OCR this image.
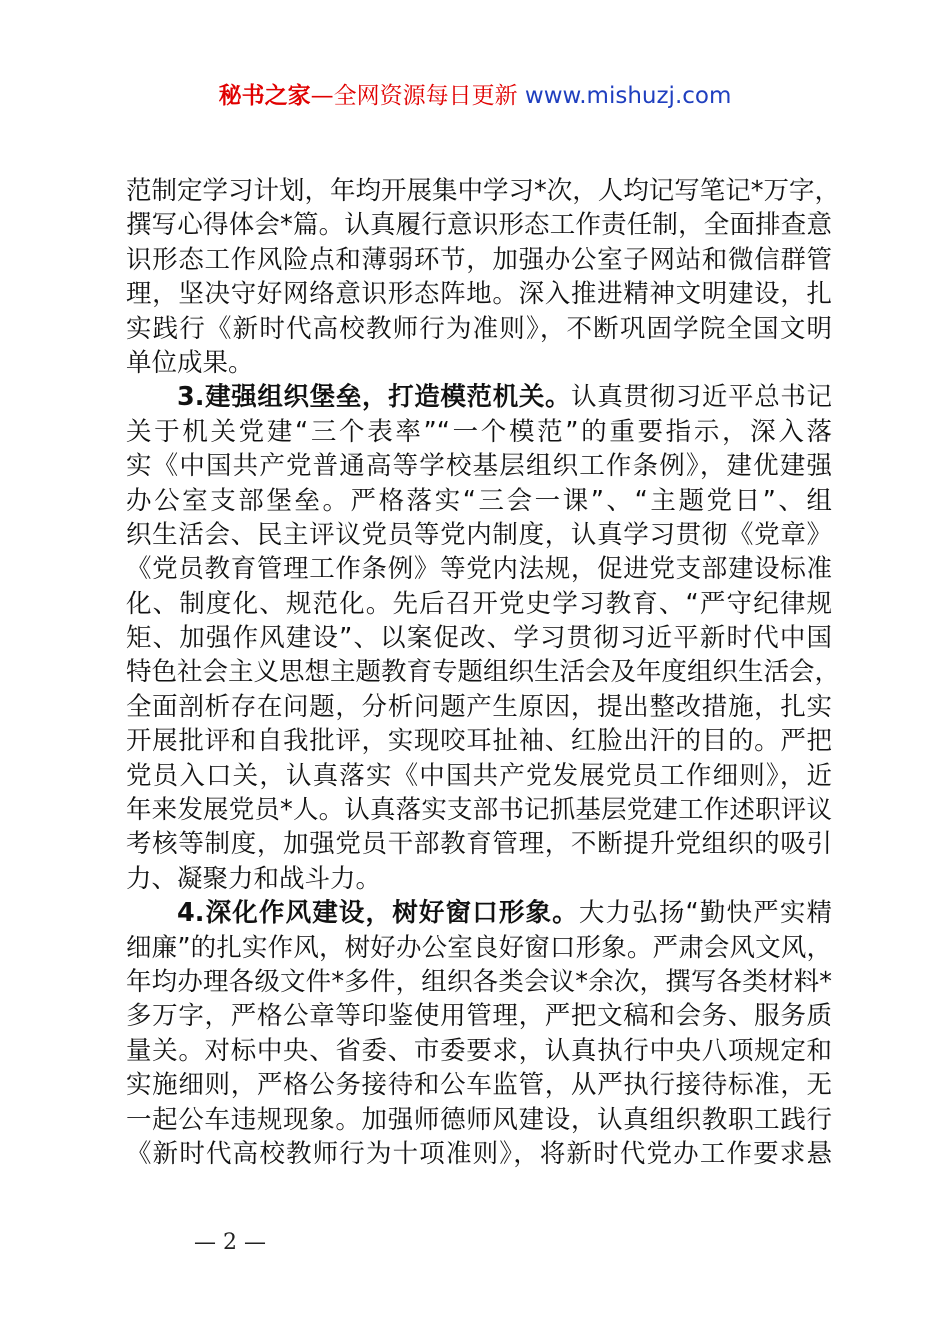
秘书之家—全网资源每日更新 www.mishuzj.com
范制定学习计划，年均开展集中学习*次，人均记写笔记*万字，
撰写心得体会*篇。认真履行意识形态工作责任制，全面排查意
识形态工作风险点和薄弱环节，加强办公室子网站和微信群管
理，坚决守好网络意识形态阵地。深入推进精神文明建设，扎
实践行《新时代高校教师行为准则》，不断巩固学院全国文明
单位成果。
3.建强组织堡垒，打造模范机关。认真贯彻习近平总书记
关于机关党建“三个表率”“一个模范”的重要指示，深入落
实《中国共产党普通高等学校基层组织工作条例》，建优建强
办公室支部堡垒。严格落实“三会一课”、“主题党日”、组
织生活会、民主评议党员等党内制度，认真学习贯彻《党章》
《党员教育管理工作条例》等党内法规，促进党支部建设标准
化、制度化、规范化。先后召开党史学习教育、“严守纪律规
矩、加强作风建设”、以案促改、学习贯彻习近平新时代中国
特色社会主义思想主题教育专题组织生活会及年度组织生活会，
全面剖析存在问题，分析问题产生原因，提出整改措施，扎实
开展批评和自我批评，实现咬耳扯袖、红脸出汗的目的。严把
党员入口关，认真落实《中国共产党发展党员工作细则》，近
年来发展党员*人。认真落实支部书记抓基层党建工作述职评议
考核等制度，加强党员干部教育管理，不断提升党组织的吸引
力、凝聚力和战斗力。
4.深化作风建设，树好窗口形象。大力弘扬“勤快严实精
细廉”的扎实作风，树好办公室良好窗口形象。严肃会风文风，
年均办理各级文件*多件，组织各类会议*余次，撰写各类材料*
多万字，严格公章等印鉴使用管理，严把文稿和会务、服务质
量关。对标中央、省委、市委要求，认真执行中央八项规定和
实施细则，严格公务接待和公车监管，从严执行接待标准，无
一起公车违规现象。加强师德师风建设，认真组织教职工践行
《新时代高校教师行为十项准则》，将新时代党办工作要求悬
— 2 —
